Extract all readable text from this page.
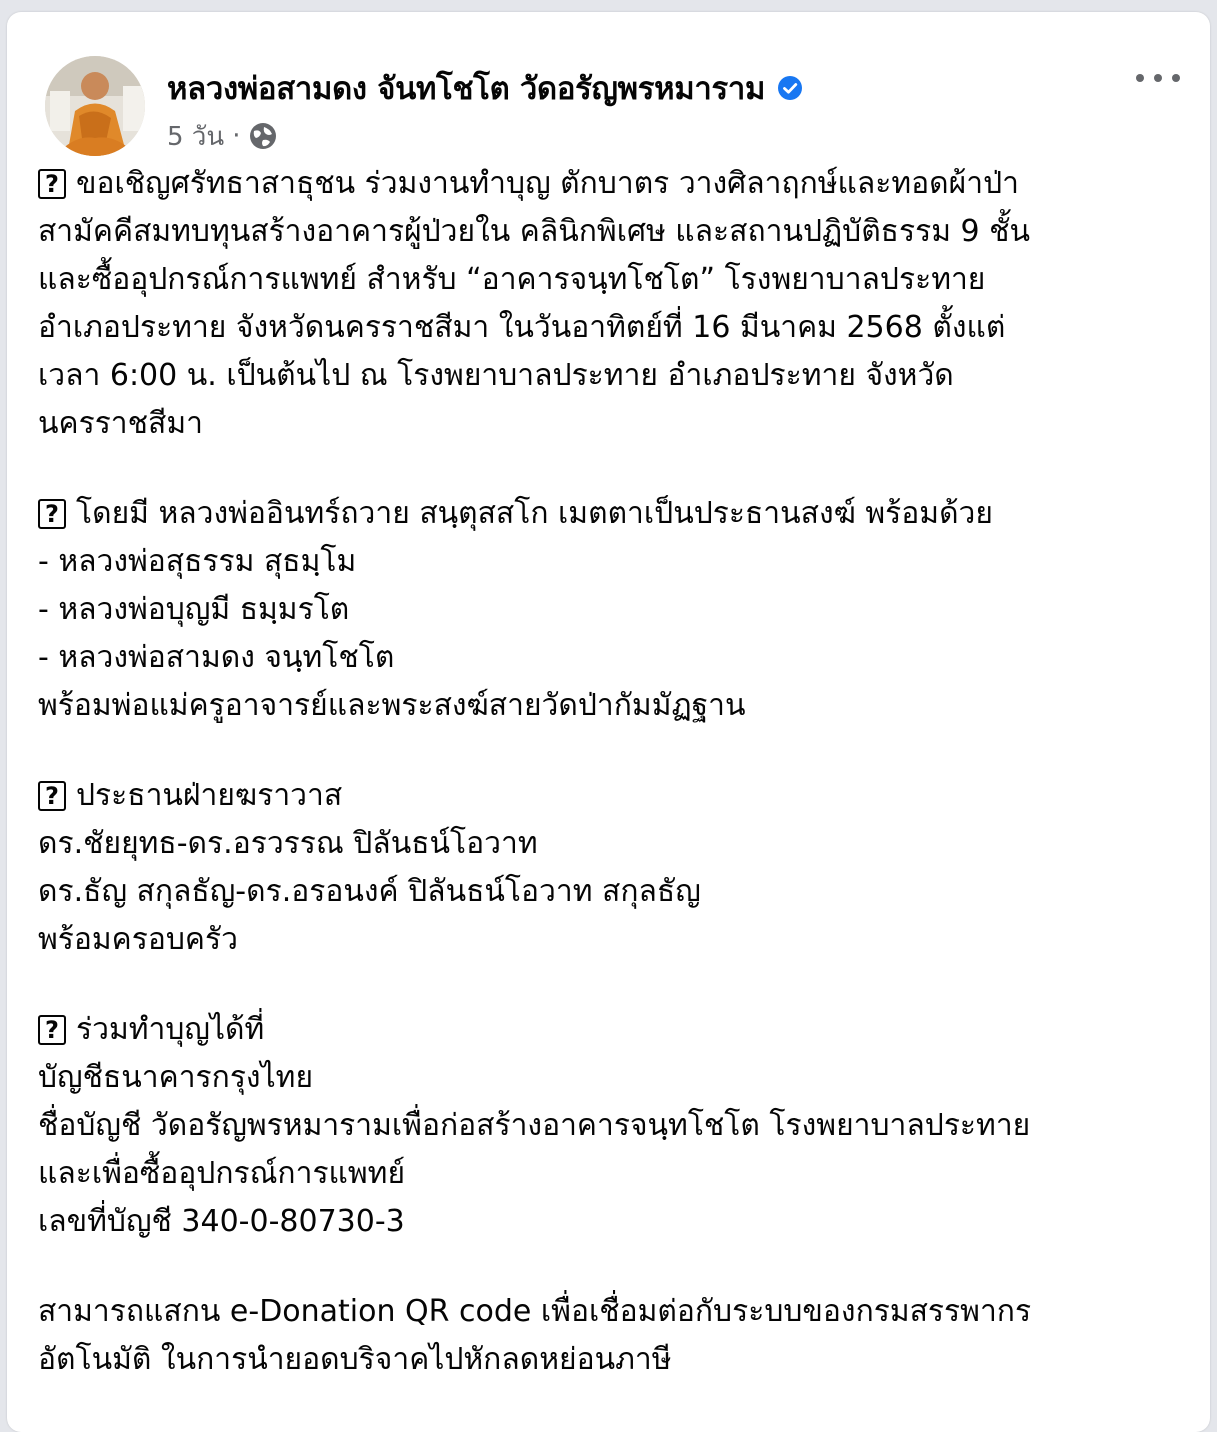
หลวงพ่อสามดง จันทโชโต วัดอรัญพรหมาราม
5 วัน ·
? ขอเชิญศรัทธาสาธุชน ร่วมงานทำบุญ ตักบาตร วางศิลาฤกษ์และทอดผ้าป่า
สามัคคีสมทบทุนสร้างอาคารผู้ป่วยใน คลินิกพิเศษ และสถานปฏิบัติธรรม 9 ชั้น
และซื้ออุปกรณ์การแพทย์ สำหรับ “อาคารจนฺทโชโต” โรงพยาบาลประทาย
อำเภอประทาย จังหวัดนครราชสีมา ในวันอาทิตย์ที่ 16 มีนาคม 2568 ตั้งแต่
เวลา 6:00 น. เป็นต้นไป ณ โรงพยาบาลประทาย อำเภอประทาย จังหวัด
นครราชสีมา
? โดยมี หลวงพ่ออินทร์ถวาย สนฺตุสสโก เมตตาเป็นประธานสงฆ์ พร้อมด้วย
- หลวงพ่อสุธรรม สุธมฺโม
- หลวงพ่อบุญมี ธมฺมรโต
- หลวงพ่อสามดง จนฺทโชโต
พร้อมพ่อแม่ครูอาจารย์และพระสงฆ์สายวัดป่ากัมมัฏฐาน
? ประธานฝ่ายฆราวาส
ดร.ชัยยุทธ-ดร.อรวรรณ ปิลันธน์โอวาท
ดร.ธัญ สกุลธัญ-ดร.อรอนงค์ ปิลันธน์โอวาท สกุลธัญ
พร้อมครอบครัว
? ร่วมทำบุญได้ที่
บัญชีธนาคารกรุงไทย
ชื่อบัญชี วัดอรัญพรหมารามเพื่อก่อสร้างอาคารจนฺทโชโต โรงพยาบาลประทาย
และเพื่อซื้ออุปกรณ์การแพทย์
เลขที่บัญชี 340-0-80730-3
สามารถแสกน e-Donation QR code เพื่อเชื่อมต่อกับระบบของกรมสรรพากร
อัตโนมัติ ในการนำยอดบริจาคไปหักลดหย่อนภาษี
